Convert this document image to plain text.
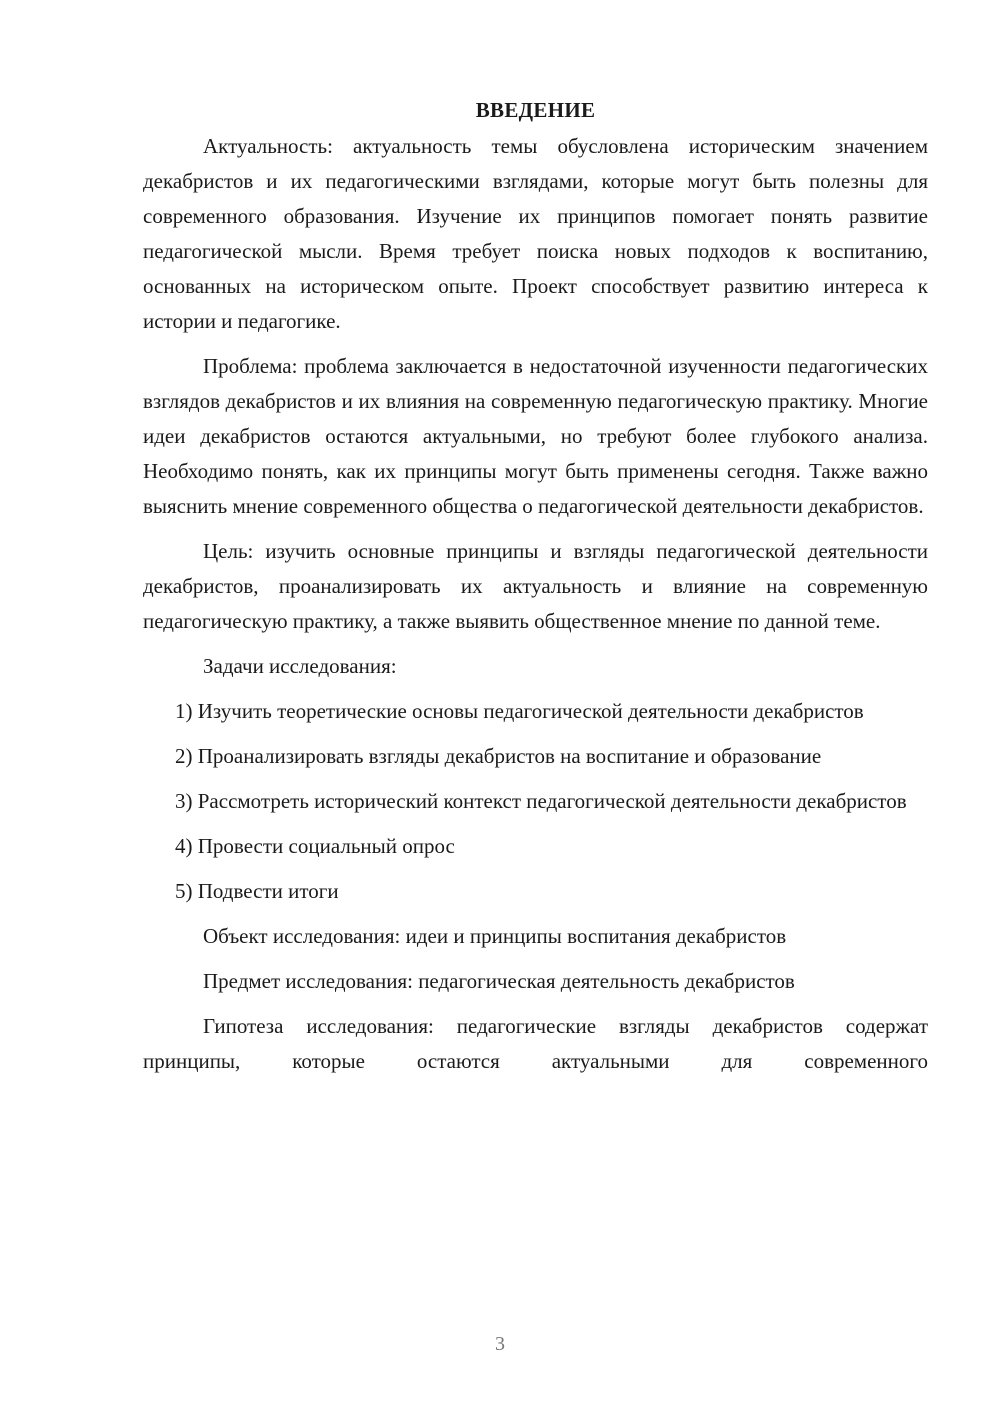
ВВЕДЕНИЕ

Актуальность: актуальность темы обусловлена историческим значением декабристов и их педагогическими взглядами, которые могут быть полезны для современного образования. Изучение их принципов помогает понять развитие педагогической мысли. Время требует поиска новых подходов к воспитанию, основанных на историческом опыте. Проект способствует развитию интереса к истории и педагогике.

Проблема: проблема заключается в недостаточной изученности педагогических взглядов декабристов и их влияния на современную педагогическую практику. Многие идеи декабристов остаются актуальными, но требуют более глубокого анализа. Необходимо понять, как их принципы могут быть применены сегодня. Также важно выяснить мнение современного общества о педагогической деятельности декабристов.

Цель: изучить основные принципы и взгляды педагогической деятельности декабристов, проанализировать их актуальность и влияние на современную педагогическую практику, а также выявить общественное мнение по данной теме.

Задачи исследования:

1) Изучить теоретические основы педагогической деятельности декабристов

2) Проанализировать взгляды декабристов на воспитание и образование

3) Рассмотреть исторический контекст педагогической деятельности декабристов

4) Провести социальный опрос

5) Подвести итоги

Объект исследования: идеи и принципы воспитания декабристов

Предмет исследования: педагогическая деятельность декабристов

Гипотеза исследования: педагогические взгляды декабристов содержат принципы, которые остаются актуальными для современного

3
